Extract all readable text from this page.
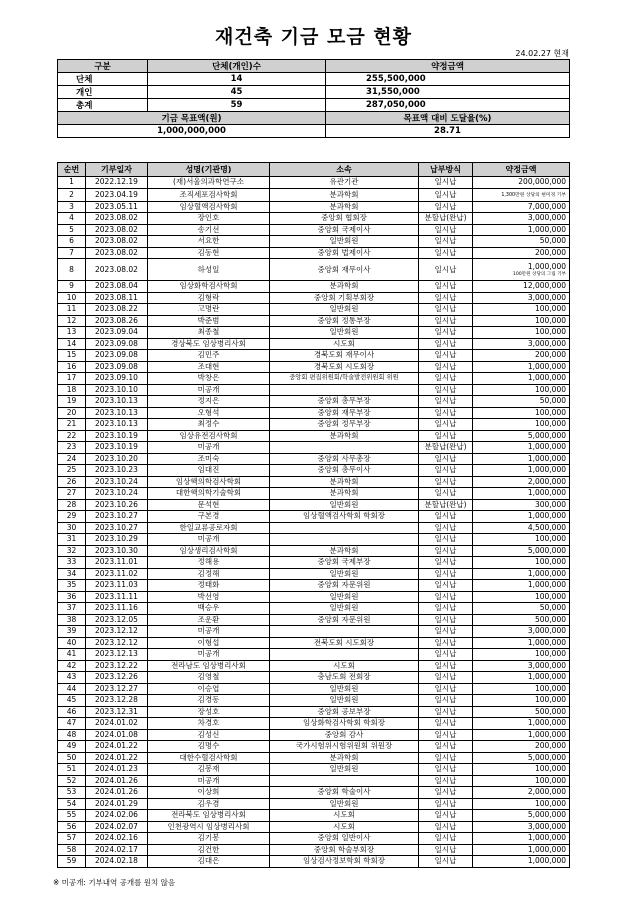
재건축 기금 모금 현황
24.02.27 현재
구분	단체(개인)수	약정금액
단체	14	255,500,000
개인	45	31,550,000
총계	59	287,050,000
기금 목표액(원)		목표액 대비 도달율(%)
1,000,000,000		28.71
순번	기부일자	성명(기관명)	소속	납부방식	약정금액
1	2022.12.19	(재)서울의과학연구소	유관기관	일시납	200,000,000
2	2023.04.19	조직세포검사학회	분과학회	일시납	1,300만원 상당의 현미경 기부
3	2023.05.11	임상혈액검사학회	분과학회	일시납	7,000,000
4	2023.08.02	장인호	중앙회 협회장	분할납(완납)	3,000,000
5	2023.08.02	송기선	중앙회 국제이사	일시납	1,000,000
6	2023.08.02	서요한	일반회원	일시납	50,000
7	2023.08.02	김동현	중앙회 법제이사	일시납	200,000
8	2023.08.02	하성일	중앙회 재무이사	일시납	1,000,000
100만원 상당의 그림 기부

9	2023.08.04	임상화학검사학회	분과학회	일시납	12,000,000
10	2023.08.11	김형락	중앙회 기획부회장	일시납	3,000,000
11	2023.08.22	고명란	일반회원	일시납	100,000
12	2023.08.26	박준범	중앙회 정통부장	일시납	100,000
13	2023.09.04	최종철	일반회원	일시납	100,000
14	2023.09.08	경상북도 임상병리사회	시도회	일시납	3,000,000
15	2023.09.08	김민주	경북도회 재무이사	일시납	200,000
16	2023.09.08	조대현	경북도회 시도회장	일시납	1,000,000
17	2023.09.10	박창은	중앙회 편집위원회/학술발전위원회 위원	일시납	1,000,000
18	2023.10.10	미공개		일시납	100,000
19	2023.10.13	정지은	중앙회 총무부장	일시납	50,000
20	2023.10.13	오형석	중앙회 재무부장	일시납	100,000
21	2023.10.13	최정수	중앙회 정무부장	일시납	100,000
22	2023.10.19	임상유전검사학회	분과학회	일시납	5,000,000
23	2023.10.19	미공개		분할납(완납)	1,000,000
24	2023.10.20	조미숙	중앙회 사무총장	일시납	1,000,000
25	2023.10.23	임대진	중앙회 총무이사	일시납	1,000,000
26	2023.10.24	임상핵의학검사학회	분과학회	일시납	2,000,000
27	2023.10.24	대한핵의학기술학회	분과학회	일시납	1,000,000
28	2023.10.26	문석현	일반회원	분할납(완납)	300,000
29	2023.10.27	구본경	임상혈액검사학회 학회장	일시납	1,000,000
30	2023.10.27	한일교류공로자회		일시납	4,500,000
31	2023.10.29	미공개		일시납	100,000
32	2023.10.30	임상생리검사학회	분과학회	일시납	5,000,000
33	2023.11.01	정해용	중앙회 국제부장	일시납	100,000
34	2023.11.02	김정해	일반회원	일시납	1,000,000
35	2023.11.03	정태화	중앙회 자문위원	일시납	1,000,000
36	2023.11.11	박선영	일반회원	일시납	100,000
37	2023.11.16	백승우	일반회원	일시납	50,000
38	2023.12.05	조운환	중앙회 자문위원	일시납	500,000
39	2023.12.12	미공개		일시납	3,000,000
40	2023.12.12	이형섭	전북도회 시도회장	일시납	1,000,000
41	2023.12.13	미공개		일시납	100,000
42	2023.12.22	전라남도 임상병리사회	시도회	일시납	3,000,000
43	2023.12.26	김영철	충남도회 전회장	일시납	1,000,000
44	2023.12.27	이승엽	일반회원	일시납	100,000
45	2023.12.28	김경동	일반회원	일시납	100,000
46	2023.12.31	장성호	중앙회 공보부장	일시납	500,000
47	2024.01.02	차경호	임상화학검사학회 학회장	일시납	1,000,000
48	2024.01.08	김성신	중앙회 감사	일시납	1,000,000
49	2024.01.22	김명수	국가시험위시험위원회 위원장	일시납	200,000
50	2024.01.22	대한수혈검사학회	분과학회	일시납	5,000,000
51	2024.01.23	김봉재	일반회원	일시납	100,000
52	2024.01.26	미공개		일시납	100,000
53	2024.01.26	이상희	중앙회 학술이사	일시납	2,000,000
54	2024.01.29	김우겸	일반회원	일시납	100,000
55	2024.02.06	전라북도 임상병리사회	시도회	일시납	5,000,000
56	2024.02.07	인천광역시 임상병리사회	시도회	일시납	3,000,000
57	2024.02.16	김기봉	중앙회 일반이사	일시납	1,000,000
58	2024.02.17	김건한	중앙회 학술부회장	일시납	1,000,000
59	2024.02.18	김대은	임상검사정보학회 학회장	일시납	1,000,000
※ 미공개: 기부내역 공개를 원치 않음
